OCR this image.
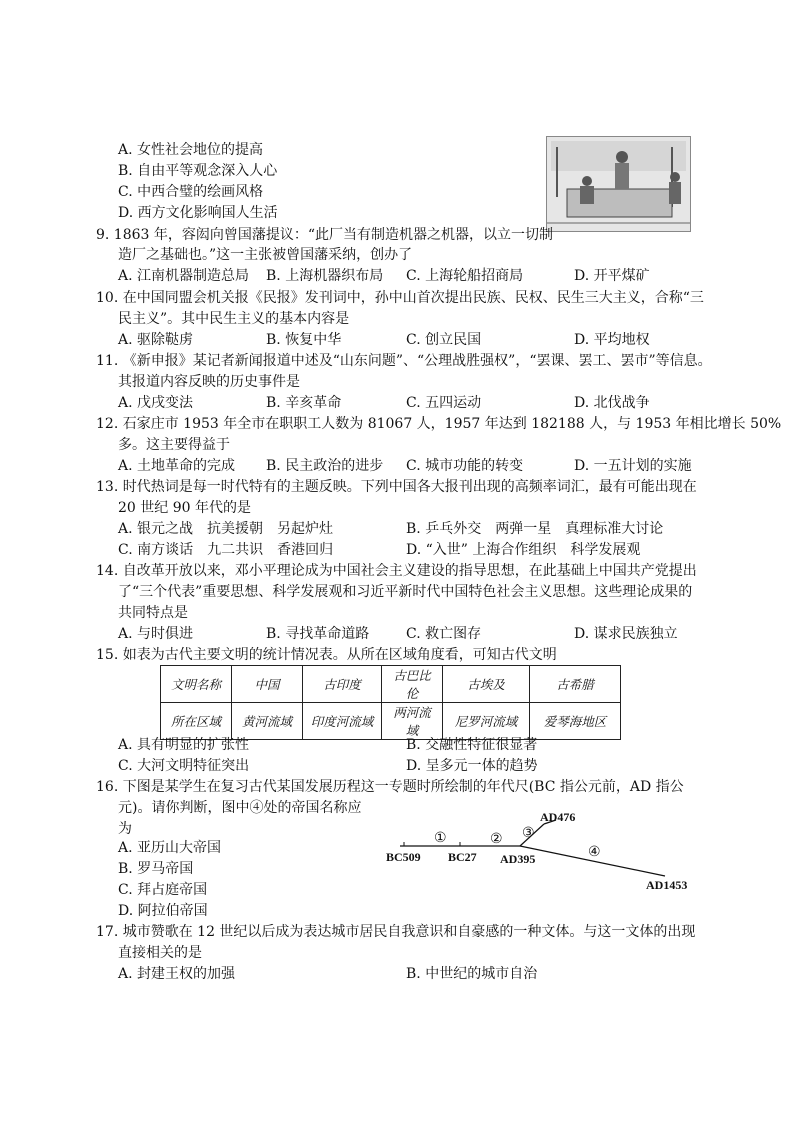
A. 女性社会地位的提高
B. 自由平等观念深入人心
C. 中西合璧的绘画风格
D. 西方文化影响国人生活
9. 1863 年，容闳向曾国藩提议：“此厂当有制造机器之机器，以立一切制
造厂之基础也。”这一主张被曾国藩采纳，创办了
A. 江南机器制造总局 B. 上海机器织布局 C. 上海轮船招商局	D. 开平煤矿
10. 在中国同盟会机关报《民报》发刊词中，孙中山首次提出民族、民权、民生三大主义，合称“三
民主义”。其中民生主义的基本内容是
A. 驱除鞑虏	B. 恢复中华	C. 创立民国	D. 平均地权
11. 《新申报》某记者新闻报道中述及“山东问题”、“公理战胜强权”，“罢课、罢工、罢市”等信息。
其报道内容反映的历史事件是
A. 戊戌变法	B. 辛亥革命	C. 五四运动	D. 北伐战争
12. 石家庄市 1953 年全市在职职工人数为 81067 人，1957 年达到 182188 人，与 1953 年相比增长 50%
多。这主要得益于
A. 土地革命的完成 B. 民主政治的进步 C. 城市功能的转变	D. 一五计划的实施
13. 时代热词是每一时代特有的主题反映。下列中国各大报刊出现的高频率词汇，最有可能出现在
20 世纪 90 年代的是
A. 银元之战　抗美援朝　另起炉灶	B. 乒乓外交　两弹一星　真理标准大讨论
C. 南方谈话　九二共识　香港回归	D. “入世” 上海合作组织　科学发展观
14. 自改革开放以来，邓小平理论成为中国社会主义建设的指导思想，在此基础上中国共产党提出
了“三个代表”重要思想、科学发展观和习近平新时代中国特色社会主义思想。这些理论成果的
共同特点是
A. 与时俱进	B. 寻找革命道路	C. 救亡图存	D. 谋求民族独立
15. 如表为古代主要文明的统计情况表。从所在区域角度看，可知古代文明
文明名称	中国	古印度	古巴比伦	古埃及	古希腊
所在区域	黄河流域	印度河流域	两河流域	尼罗河流域	爱琴海地区
A. 具有明显的扩张性	B. 交融性特征很显著
C. 大河文明特征突出	D. 呈多元一体的趋势
16. 下图是某学生在复习古代某国发展历程这一专题时所绘制的年代尺(BC 指公元前，AD 指公
元)。请你判断，图中④处的帝国名称应
为
A. 亚历山大帝国
B. 罗马帝国
C. 拜占庭帝国
D. 阿拉伯帝国
AD476
BC509 BC27 AD395
AD1453
①	② ③
④
17. 城市赞歌在 12 世纪以后成为表达城市居民自我意识和自豪感的一种文体。与这一文体的出现
直接相关的是
A. 封建王权的加强	B. 中世纪的城市自治
